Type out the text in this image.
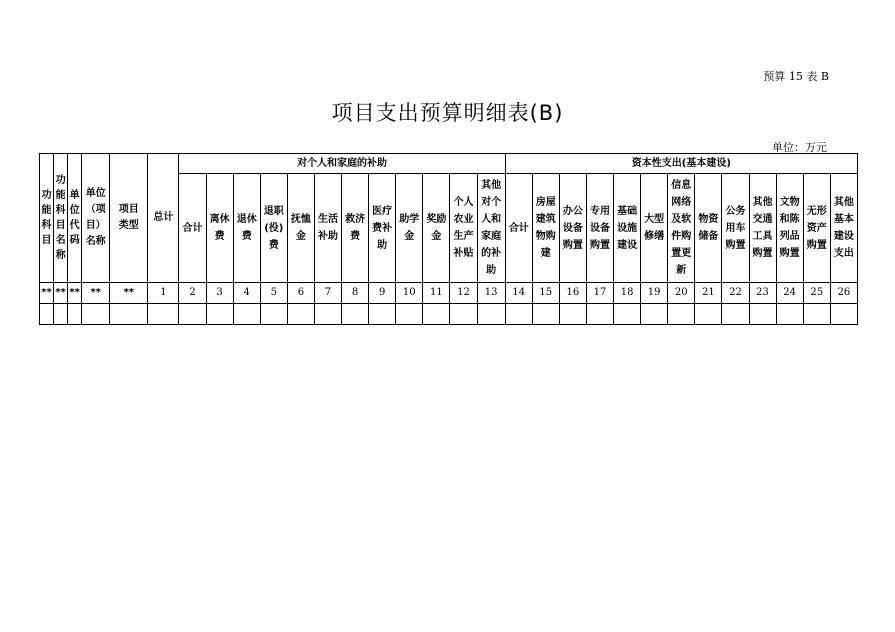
预算 15 表 B
项目支出预算明细表(B)
单位：万元
功能科目	功能科目名称	单位代码	单位（项目）名称	项目类型	总计	对个人和家庭的补助												资本性支出(基本建设)												
						合计	离休费	退休费	退职(役)费	抚恤金	生活补助	救济费	医疗费补助	助学金	奖励金	个人农业生产补贴	其他对个人和家庭的补助	合计	房屋建筑物购建	办公设备购置	专用设备购置	基础设施建设	大型修缮	信息网络及软件购置更新	物资储备	公务用车购置	其他交通工具购置	文物和陈列品购置	无形资产购置	其他基本建设支出
**	**	**	**	**	1	2	3	4	5	6	7	8	9	10	11	12	13	14	15	16	17	18	19	20	21	22	23	24	25	26
